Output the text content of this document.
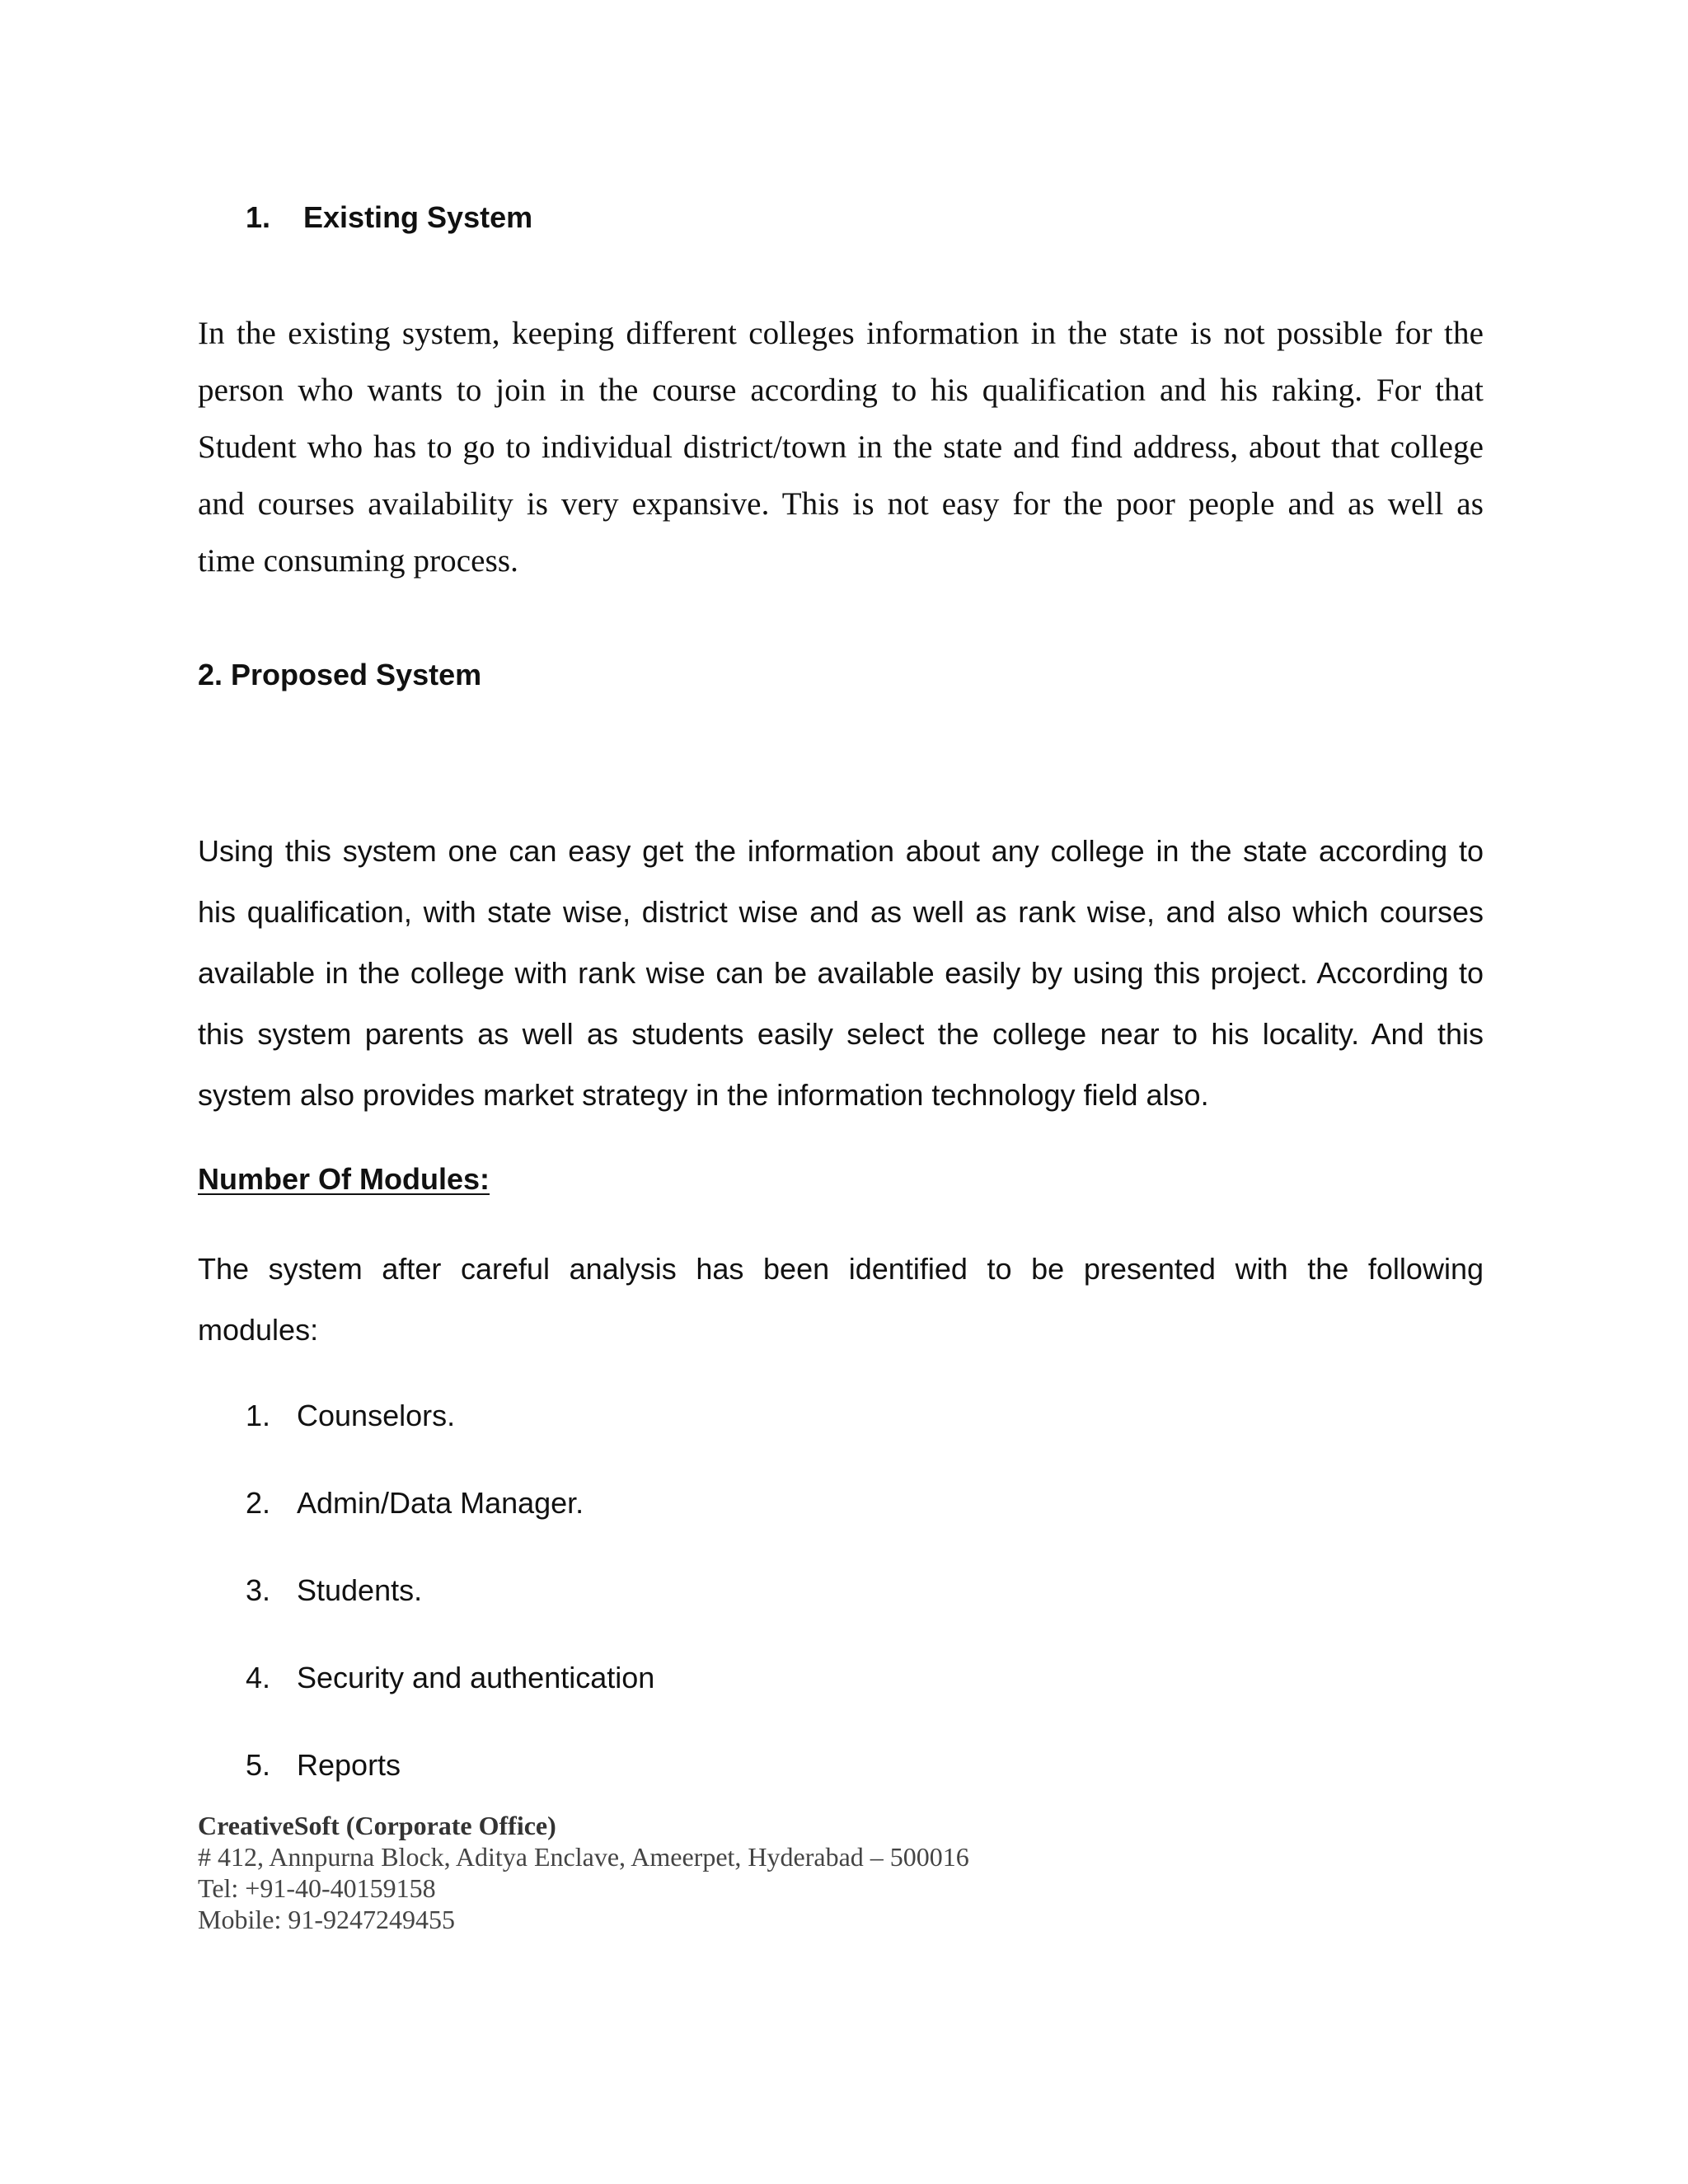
1. Existing System
In the existing system, keeping different colleges information in the state is not possible for the
person who wants to join in the course according to his qualification and his raking. For that
Student who has to go to individual district/town in the state and find address, about that college
and courses availability is very expansive. This is not easy for the poor people and as well as
time consuming process.
2. Proposed System
Using this system one can easy get the information about any college in the state according to
his qualification, with state wise, district wise and as well as rank wise, and also which courses
available in the college with rank wise can be available easily by using this project. According to
this system parents as well as students easily select the college near to his locality. And this
system also provides market strategy in the information technology field also.
Number Of Modules:
The system after careful analysis has been identified to be presented with the following
modules:
1. Counselors.
2. Admin/Data Manager.
3. Students.
4. Security and authentication
5. Reports
CreativeSoft (Corporate Office)
# 412, Annpurna Block, Aditya Enclave, Ameerpet, Hyderabad – 500016
Tel: +91-40-40159158
Mobile: 91-9247249455
